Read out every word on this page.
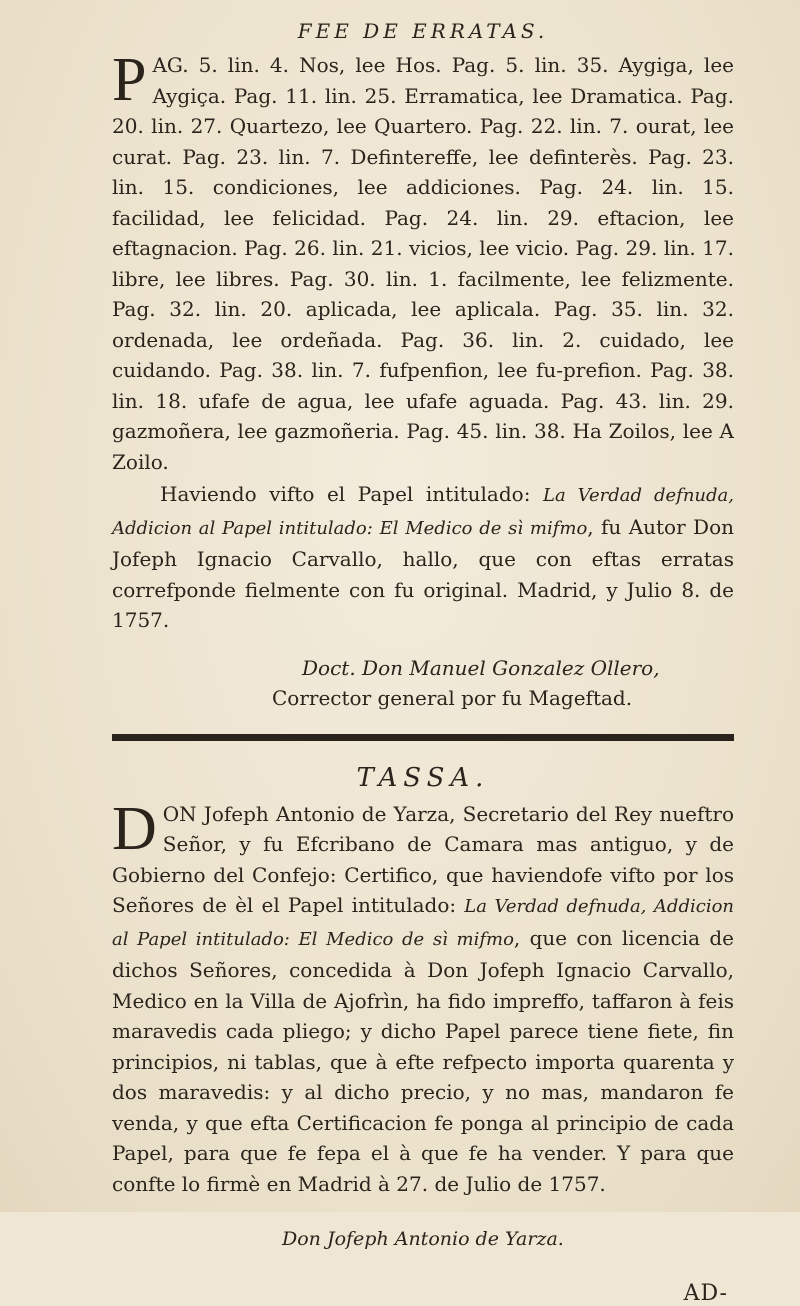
FEE DE ERRATAS.

PAG. 5. lin. 4. Nos, lee Hos. Pag. 5. lin. 35. Aygiga, lee Aygiça. Pag. 11. lin. 25. Erramatica, lee Dramatica. Pag. 20. lin. 27. Quartezo, lee Quartero. Pag. 22. lin. 7. ourat, lee curat. Pag. 23. lin. 7. Defintereffe, lee definterès. Pag. 23. lin. 15. condiciones, lee addiciones. Pag. 24. lin. 15. facilidad, lee felicidad. Pag. 24. lin. 29. eftacion, lee eftagnacion. Pag. 26. lin. 21. vicios, lee vicio. Pag. 29. lin. 17. libre, lee libres. Pag. 30. lin. 1. facilmente, lee felizmente. Pag. 32. lin. 20. aplicada, lee aplicala. Pag. 35. lin. 32. ordenada, lee ordeñada. Pag. 36. lin. 2. cuidado, lee cuidando. Pag. 38. lin. 7. fufpenfion, lee fu-prefion. Pag. 38. lin. 18. ufafe de agua, lee ufafe aguada. Pag. 43. lin. 29. gazmoñera, lee gazmoñeria. Pag. 45. lin. 38. Ha Zoilos, lee A Zoilo.

Haviendo vifto el Papel intitulado: La Verdad defnuda, Addicion al Papel intitulado: El Medico de sì mifmo, fu Autor Don Jofeph Ignacio Carvallo, hallo, que con eftas erratas correfponde fielmente con fu original. Madrid, y Julio 8. de 1757.

Doct. Don Manuel Gonzalez Ollero,
Corrector general por fu Mageftad.
TASSA.

DON Jofeph Antonio de Yarza, Secretario del Rey nueftro Señor, y fu Efcribano de Camara mas antiguo, y de Gobierno del Confejo: Certifico, que haviendofe vifto por los Señores de èl el Papel intitulado: La Verdad defnuda, Addicion al Papel intitulado: El Medico de sì mifmo, que con licencia de dichos Señores, concedida à Don Jofeph Ignacio Carvallo, Medico en la Villa de Ajofrìn, ha fido impreffo, taffaron à feis maravedis cada pliego; y dicho Papel parece tiene fiete, fin principios, ni tablas, que à efte refpecto importa quarenta y dos maravedis: y al dicho precio, y no mas, mandaron fe venda, y que efta Certificacion fe ponga al principio de cada Papel, para que fe fepa el à que fe ha vender. Y para que confte lo firmè en Madrid à 27. de Julio de 1757.

Don Jofeph Antonio de Yarza.
AD-
